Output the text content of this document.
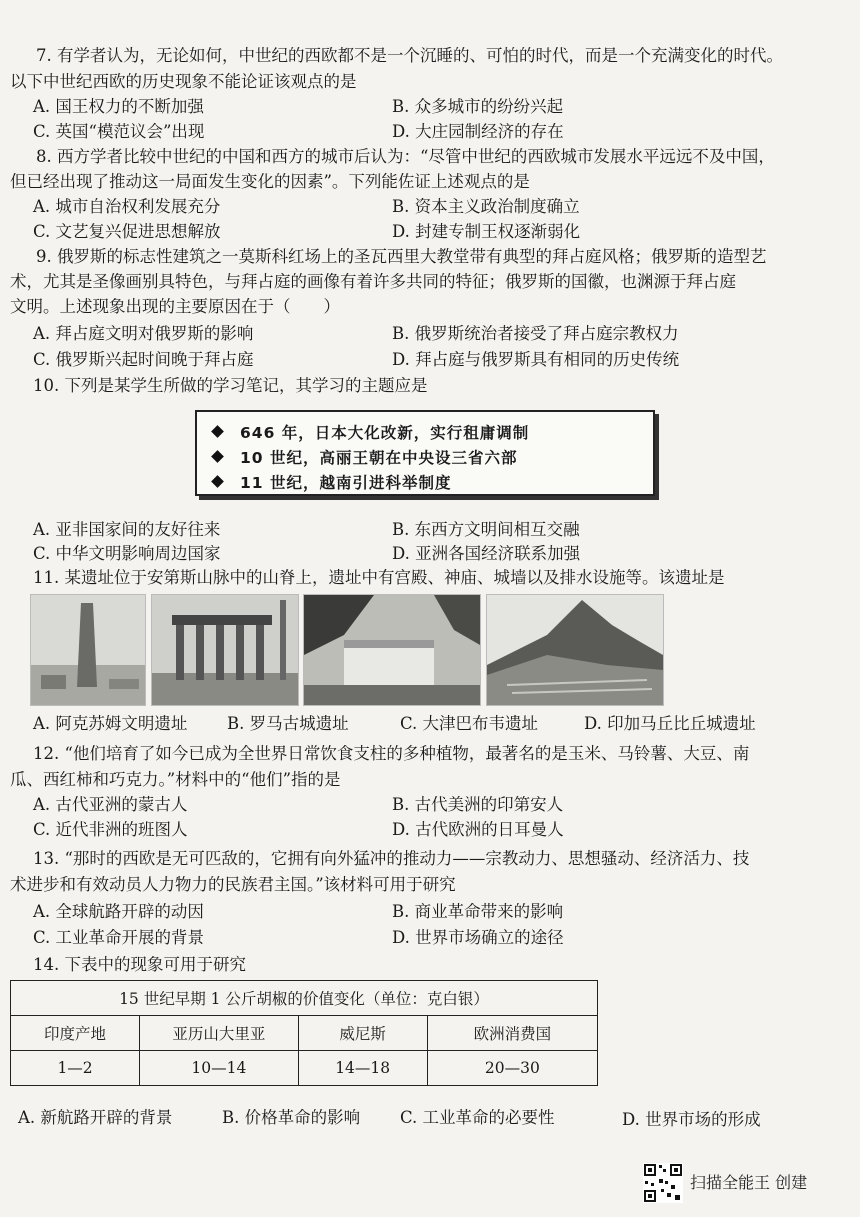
7. 有学者认为，无论如何，中世纪的西欧都不是一个沉睡的、可怕的时代，而是一个充满变化的时代。
以下中世纪西欧的历史现象不能论证该观点的是
A. 国王权力的不断加强	B. 众多城市的纷纷兴起
C. 英国“模范议会”出现	D. 大庄园制经济的存在
8. 西方学者比较中世纪的中国和西方的城市后认为：“尽管中世纪的西欧城市发展水平远远不及中国，
但已经出现了推动这一局面发生变化的因素”。下列能佐证上述观点的是
A. 城市自治权利发展充分	B. 资本主义政治制度确立
C. 文艺复兴促进思想解放	D. 封建专制王权逐渐弱化
9. 俄罗斯的标志性建筑之一莫斯科红场上的圣瓦西里大教堂带有典型的拜占庭风格；俄罗斯的造型艺
术，尤其是圣像画别具特色，与拜占庭的画像有着许多共同的特征；俄罗斯的国徽，也渊源于拜占庭
文明。上述现象出现的主要原因在于（　　）
A. 拜占庭文明对俄罗斯的影响	B. 俄罗斯统治者接受了拜占庭宗教权力
C. 俄罗斯兴起时间晚于拜占庭	D. 拜占庭与俄罗斯具有相同的历史传统
10. 下列是某学生所做的学习笔记，其学习的主题应是
646 年，日本大化改新，实行租庸调制
10 世纪，高丽王朝在中央设三省六部
11 世纪，越南引进科举制度
A. 亚非国家间的友好往来	B. 东西方文明间相互交融
C. 中华文明影响周边国家	D. 亚洲各国经济联系加强
11. 某遗址位于安第斯山脉中的山脊上，遗址中有宫殿、神庙、城墙以及排水设施等。该遗址是
A. 阿克苏姆文明遗址 B. 罗马古城遗址	C. 大津巴布韦遗址	D. 印加马丘比丘城遗址
12. “他们培育了如今已成为全世界日常饮食支柱的多种植物，最著名的是玉米、马铃薯、大豆、南
瓜、西红柿和巧克力。”材料中的“他们”指的是
A. 古代亚洲的蒙古人	B. 古代美洲的印第安人
C. 近代非洲的班图人	D. 古代欧洲的日耳曼人
13. “那时的西欧是无可匹敌的，它拥有向外猛冲的推动力——宗教动力、思想骚动、经济活力、技
术进步和有效动员人力物力的民族君主国。”该材料可用于研究
A. 全球航路开辟的动因	B. 商业革命带来的影响
C. 工业革命开展的背景	D. 世界市场确立的途径
14. 下表中的现象可用于研究
15 世纪早期 1 公斤胡椒的价值变化（单位：克白银）			
印度产地	亚历山大里亚	威尼斯	欧洲消费国
1—2	10—14	14—18	20—30
A. 新航路开辟的背景	B. 价格革命的影响 C. 工业革命的必要性	D. 世界市场的形成
扫描全能王 创建
